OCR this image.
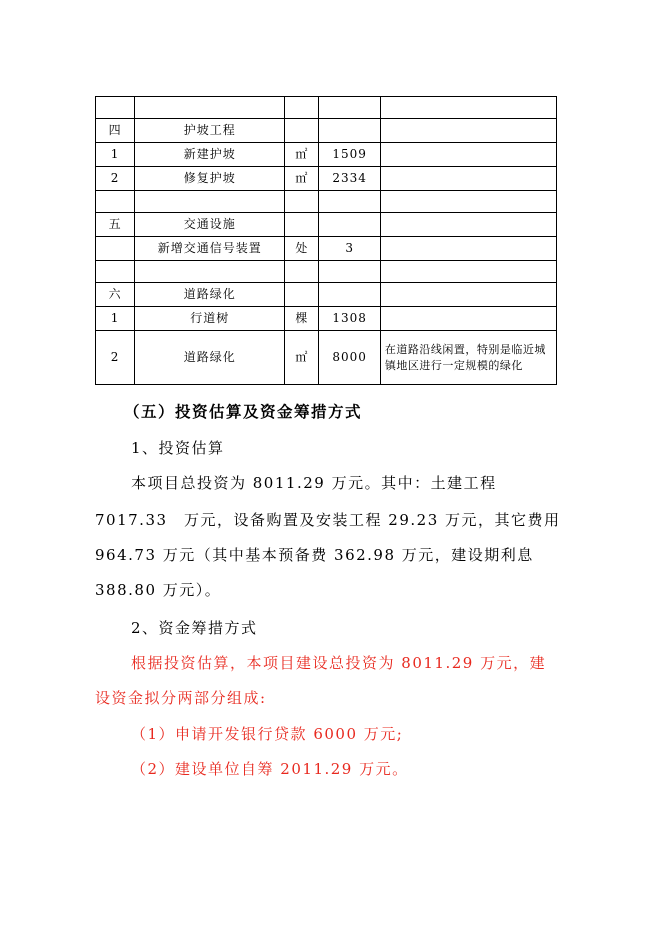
四	护坡工程			
1	新建护坡	㎡	1509	
2	修复护坡	㎡	2334	

五	交通设施			
	新增交通信号装置	处	3	

六	道路绿化			
1	行道树	棵	1308	
2	道路绿化	㎡	8000	在道路沿线闲置，特别是临近城镇地区进行一定规模的绿化
（五）投资估算及资金筹措方式
1、投资估算
本项目总投资为 8011.29 万元。其中：土建工程
7017.33　万元，设备购置及安装工程 29.23 万元，其它费用
964.73 万元（其中基本预备费 362.98 万元，建设期利息
388.80 万元）。
2、资金筹措方式
根据投资估算，本项目建设总投资为 8011.29 万元，建
设资金拟分两部分组成:
（1）申请开发银行贷款 6000 万元;
（2）建设单位自筹 2011.29 万元。
